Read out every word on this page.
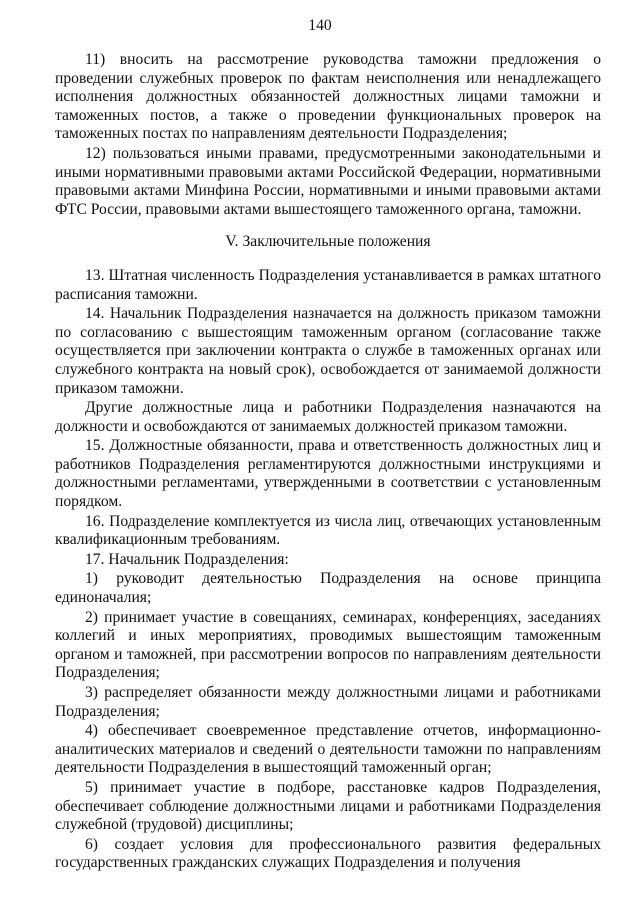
140

11) вносить на рассмотрение руководства таможни предложения о проведении служебных проверок по фактам неисполнения или ненадлежащего исполнения должностных обязанностей должностных лицами таможни и таможенных постов, а также о проведении функциональных проверок на таможенных постах по направлениям деятельности Подразделения;

12) пользоваться иными правами, предусмотренными законодательными и иными нормативными правовыми актами Российской Федерации, нормативными правовыми актами Минфина России, нормативными и иными правовыми актами ФТС России, правовыми актами вышестоящего таможенного органа, таможни.

V. Заключительные положения

13. Штатная численность Подразделения устанавливается в рамках штатного расписания таможни.

14. Начальник Подразделения назначается на должность приказом таможни по согласованию с вышестоящим таможенным органом (согласование также осуществляется при заключении контракта о службе в таможенных органах или служебного контракта на новый срок), освобождается от занимаемой должности приказом таможни.

Другие должностные лица и работники Подразделения назначаются на должности и освобождаются от занимаемых должностей приказом таможни.

15. Должностные обязанности, права и ответственность должностных лиц и работников Подразделения регламентируются должностными инструкциями и должностными регламентами, утвержденными в соответствии с установленным порядком.

16. Подразделение комплектуется из числа лиц, отвечающих установленным квалификационным требованиям.

17. Начальник Подразделения:

1) руководит деятельностью Подразделения на основе принципа единоначалия;

2) принимает участие в совещаниях, семинарах, конференциях, заседаниях коллегий и иных мероприятиях, проводимых вышестоящим таможенным органом и таможней, при рассмотрении вопросов по направлениям деятельности Подразделения;

3) распределяет обязанности между должностными лицами и работниками Подразделения;

4) обеспечивает своевременное представление отчетов, информационно-аналитических материалов и сведений о деятельности таможни по направлениям деятельности Подразделения в вышестоящий таможенный орган;

5) принимает участие в подборе, расстановке кадров Подразделения, обеспечивает соблюдение должностными лицами и работниками Подразделения служебной (трудовой) дисциплины;

6) создает условия для профессионального развития федеральных государственных гражданских служащих Подразделения и получения
